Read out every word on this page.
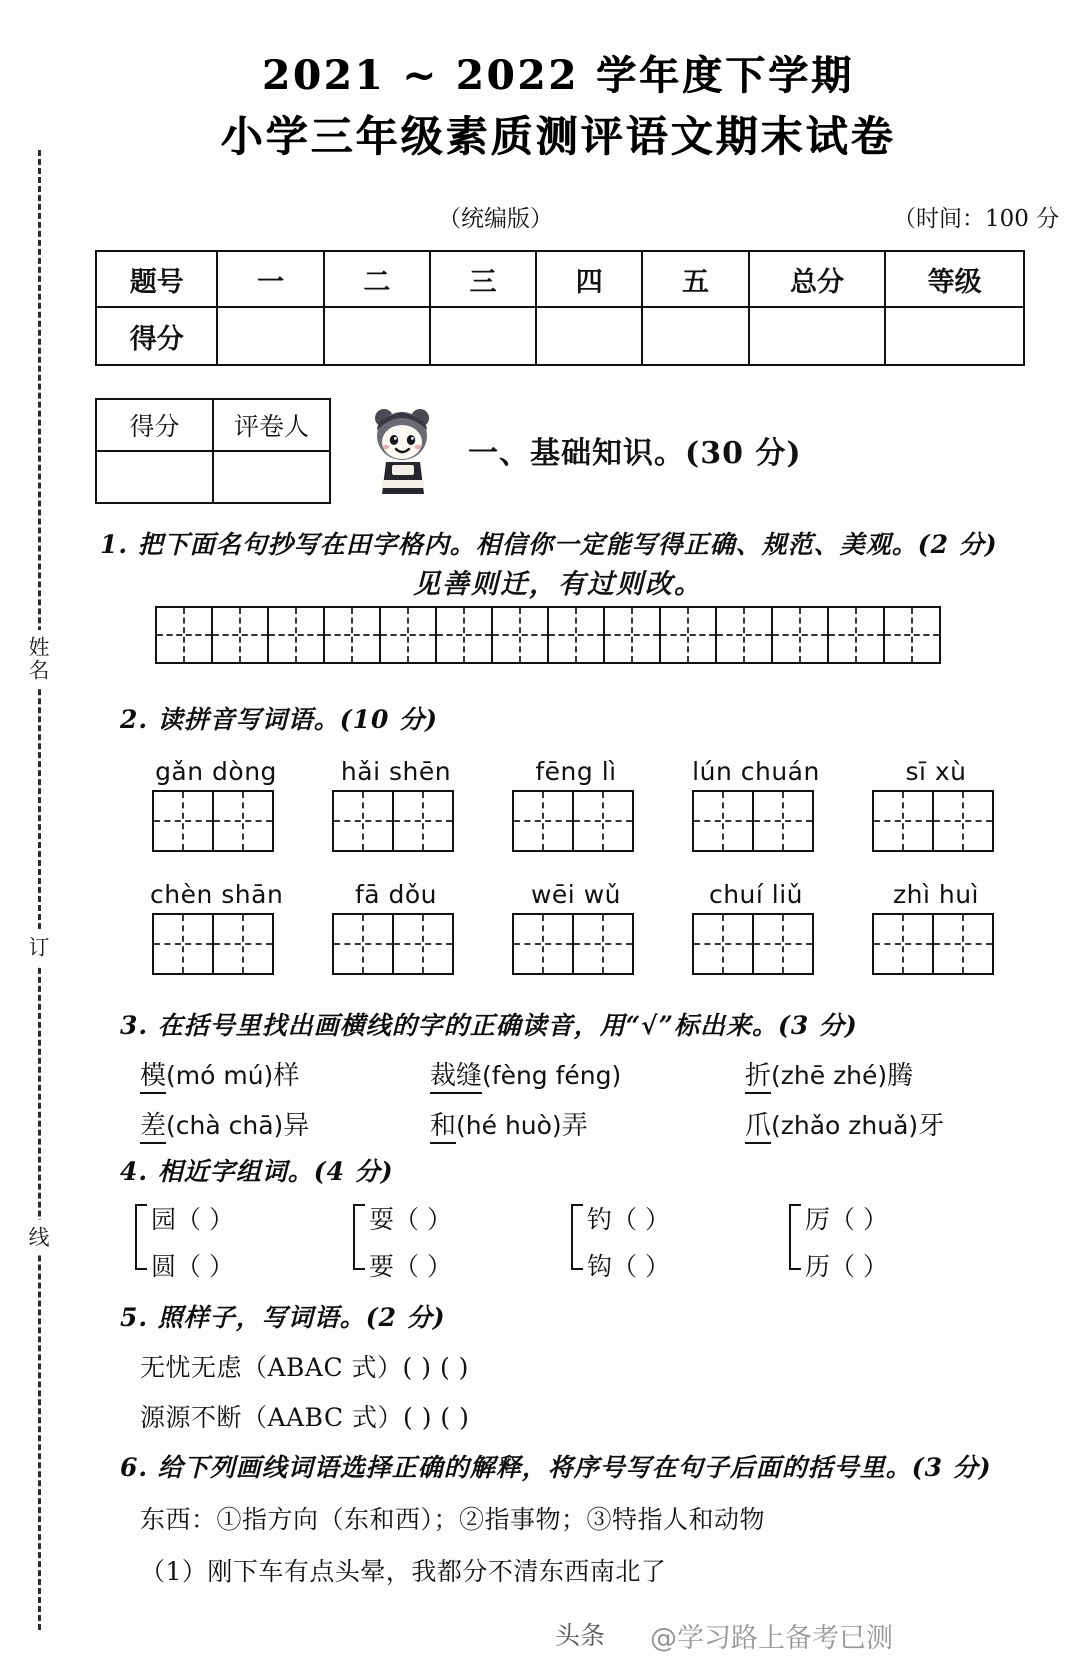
姓名
订
线
2021 ~ 2022 学年度下学期
小学三年级素质测评语文期末试卷
（统编版）	（时间：100 分
题号	一	二	三	四	五	总分	等级
得分							
得分	评卷人

一、基础知识。(30 分)
1. 把下面名句抄写在田字格内。相信你一定能写得正确、规范、美观。(2 分)
见善则迁，有过则改。
2. 读拼音写词语。(10 分)
gǎn dòng	hǎi shēn	fēng lì	lún chuán	sī xù
chèn shān	fā dǒu	wēi wǔ	chuí liǔ	zhì huì
3. 在括号里找出画横线的字的正确读音，用“√”标出来。(3 分)
模(mó mú)样	裁缝(fèng féng)	折(zhē zhé)腾
差(chà chā)异	和(hé huò)弄	爪(zhǎo zhuǎ)牙
4. 相近字组词。(4 分)
园（ ）
圆（ ）
耍（ ）
要（ ）
钓（ ）
钩（ ）
厉（ ）
历（ ）
5. 照样子，写词语。(2 分)
无忧无虑（ABAC 式）( ) ( )
源源不断（AABC 式）( ) ( )
6. 给下列画线词语选择正确的解释，将序号写在句子后面的括号里。(3 分)
东西：①指方向（东和西）；②指事物；③特指人和动物
（1）刚下车有点头晕，我都分不清东西南北了
头条 @学习路上备考已测
